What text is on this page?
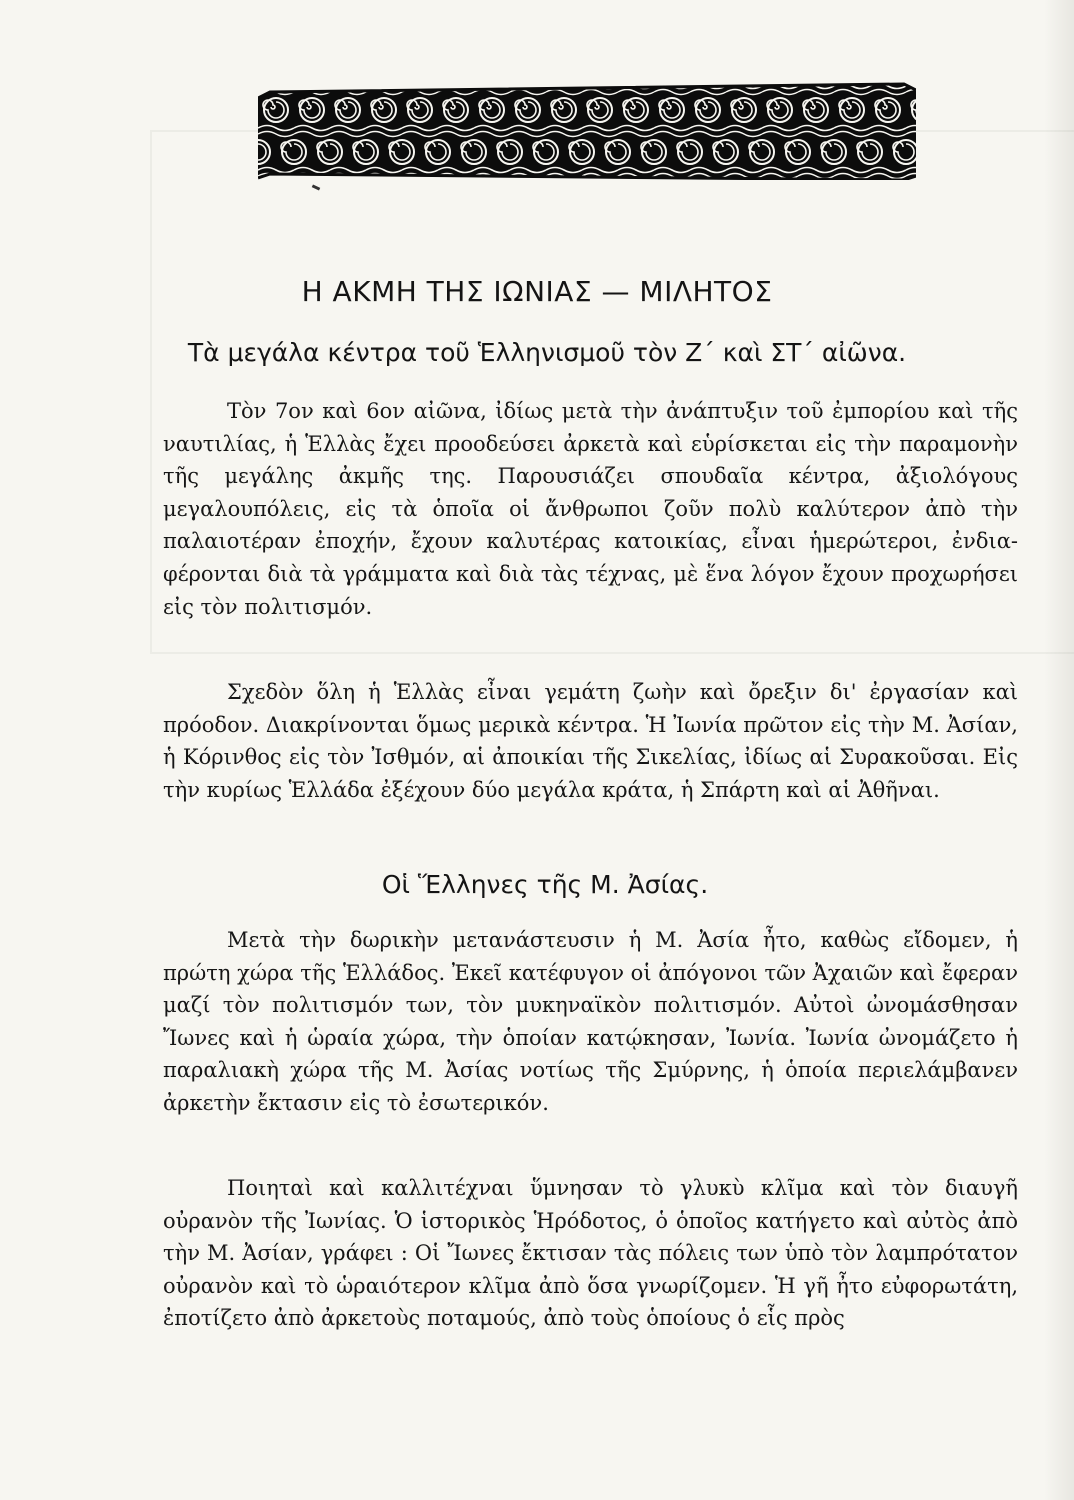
Η ΑΚΜΗ ΤΗΣ ΙΩΝΙΑΣ — ΜΙΛΗΤΟΣ
Τὰ μεγάλα κέντρα τοῦ Ἑλληνισμοῦ τὸν Ζ΄ καὶ ΣΤ΄ αἰῶνα.

Τὸν 7ον καὶ 6ον αἰῶνα, ἰδίως μετὰ τὴν ἀνάπτυξιν τοῦ ἐμπορίου καὶ τῆς ναυτιλίας, ἡ Ἑλλὰς ἔχει προοδεύσει ἀρκετὰ καὶ εὑρίσκεται εἰς τὴν παραμονὴν τῆς μεγάλης ἀκμῆς της. Παρουσιάζει σπουδαῖα κέντρα, ἀξιολόγους μεγαλουπόλεις, εἰς τὰ ὁποῖα οἱ ἄνθρωποι ζοῦν πολὺ καλύτερον ἀπὸ τὴν παλαιοτέραν ἐποχήν, ἔχουν καλυτέρας κατοικίας, εἶναι ἡμερώτεροι, ἐνδιαφέρονται διὰ τὰ γράμματα καὶ διὰ τὰς τέχνας, μὲ ἕνα λόγον ἔχουν προχωρήσει εἰς τὸν πολιτισμόν.

Σχεδὸν ὅλη ἡ Ἑλλὰς εἶναι γεμάτη ζωὴν καὶ ὄρεξιν δι' ἐργασίαν καὶ πρόοδον. Διακρίνονται ὅμως μερικὰ κέντρα. Ἡ Ἰωνία πρῶτον εἰς τὴν Μ. Ἀσίαν, ἡ Κόρινθος εἰς τὸν Ἰσθμόν, αἱ ἀποικίαι τῆς Σικελίας, ἰδίως αἱ Συρακοῦσαι. Εἰς τὴν κυρίως Ἑλλάδα ἐξέχουν δύο μεγάλα κράτα, ἡ Σπάρτη καὶ αἱ Ἀθῆναι.

Οἱ Ἕλληνες τῆς Μ. Ἀσίας.

Μετὰ τὴν δωρικὴν μετανάστευσιν ἡ Μ. Ἀσία ἦτο, καθὼς εἴδομεν, ἡ πρώτη χώρα τῆς Ἑλλάδος. Ἐκεῖ κατέφυγον οἱ ἀπόγονοι τῶν Ἀχαιῶν καὶ ἔφεραν μαζί τὸν πολιτισμόν των, τὸν μυκηναϊκὸν πολιτισμόν. Αὐτοὶ ὠνομάσθησαν Ἴωνες καὶ ἡ ὡραία χώρα, τὴν ὁποίαν κατῴκησαν, Ἰωνία. Ἰωνία ὠνομάζετο ἡ παραλιακὴ χώρα τῆς Μ. Ἀσίας νοτίως τῆς Σμύρνης, ἡ ὁποία περιελάμβανεν ἀρκετὴν ἔκτασιν εἰς τὸ ἐσωτερικόν.

Ποιηταὶ καὶ καλλιτέχναι ὕμνησαν τὸ γλυκὺ κλῖμα καὶ τὸν διαυγῆ οὐρανὸν τῆς Ἰωνίας. Ὁ ἱστορικὸς Ἡρόδοτος, ὁ ὁποῖος κατήγετο καὶ αὐτὸς ἀπὸ τὴν Μ. Ἀσίαν, γράφει : Οἱ Ἴωνες ἔκτισαν τὰς πόλεις των ὑπὸ τὸν λαμπρότατον οὐρανὸν καὶ τὸ ὡραιότερον κλῖμα ἀπὸ ὅσα γνωρίζομεν. Ἡ γῆ ἦτο εὐφορωτάτη, ἐποτίζετο ἀπὸ ἀρκετοὺς ποταμούς, ἀπὸ τοὺς ὁποίους ὁ εἷς πρὸς
